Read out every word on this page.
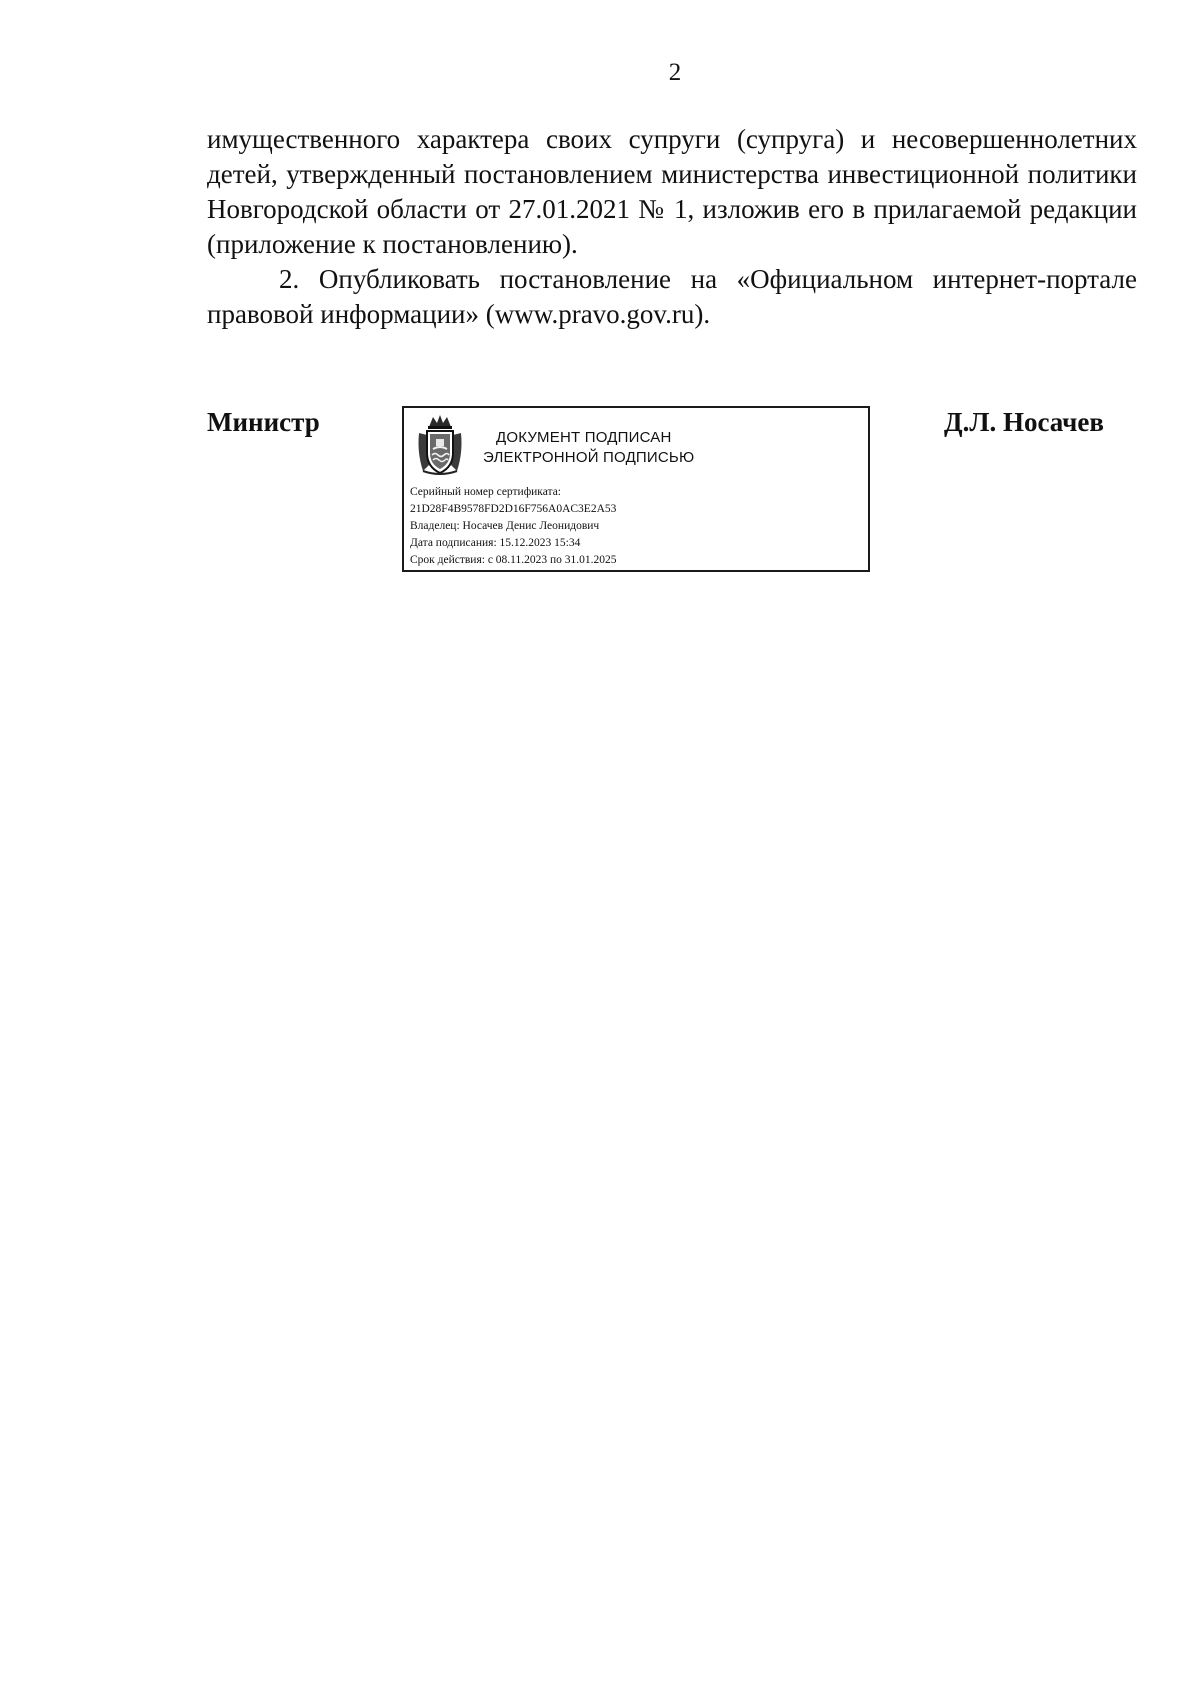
2

имущественного характера своих супруги (супруга) и несовершеннолетних детей, утвержденный постановлением министерства инвестиционной политики Новгородской области от 27.01.2021 № 1, изложив его в прилагаемой редакции (приложение к постановлению).

2. Опубликовать постановление на «Официальном интернет-портале правовой информации» (www.pravo.gov.ru).

Министр
ДОКУМЕНТ ПОДПИСАН
ЭЛЕКТРОННОЙ ПОДПИСЬЮ
Серийный номер сертификата:
21D28F4B9578FD2D16F756A0AC3E2A53
Владелец: Носачев Денис Леонидович
Дата подписания: 15.12.2023 15:34
Срок действия: с 08.11.2023 по 31.01.2025
Д.Л. Носачев
